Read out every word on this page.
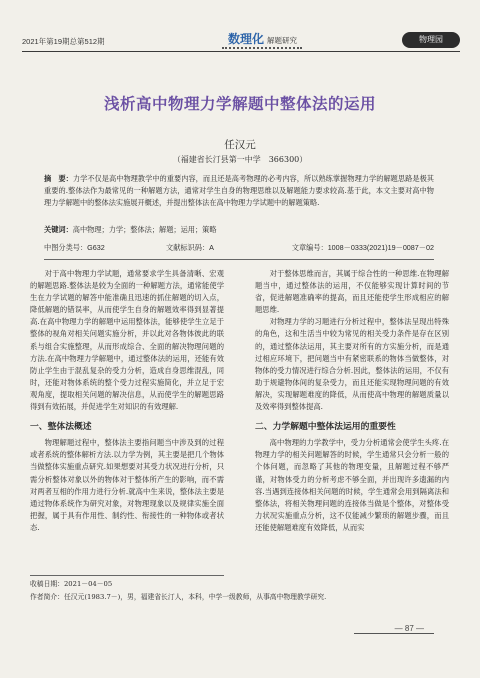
2021年第19期总第512期	数理化 解题研究	物理园
浅析高中物理力学解题中整体法的运用
任汉元
（福建省长汀县第一中学　366300）
摘　要：力学不仅是高中物理教学中的重要内容，而且还是高考物理的必考内容，所以熟练掌握物理力学的解题思路是极其重要的.整体法作为最常见的一种解题方法，通常对学生自身的物理思维以及解题能力要求较高.基于此，本文主要对高中物理力学解题中的整体法实施展开概述，并提出整体法在高中物理力学试题中的解题策略.
关键词：高中物理；力学；整体法；解题；运用；策略
中图分类号：G632	文献标识码：A	文章编号：1008－0333(2021)19－0087－02

对于高中物理力学试题，通常要求学生具备清晰、宏观的解题思路.整体法是较为全面的一种解题方法，通常能使学生在力学试题的解答中能准确且迅速的抓住解题的切入点，降低解题的错误率，从而使学生自身的解题效率得到显著提高.在高中物理力学的解题中运用整体法，能够使学生立足于整体的视角对相关问题实施分析，并以此对各物体彼此的联系与组合实施整理，从而形成综合、全面的解决物理问题的方法.在高中物理力学解题中，通过整体法的运用，还能有效防止学生由于混乱复杂的受力分析，造成自身思维混乱，同时，还能对物体系统的整个受力过程实施简化，并立足于宏观角度，提取相关问题的解决信息，从而使学生的解题思路得到有效拓展，并促进学生对知识的有效理解.

一、整体法概述

物理解题过程中，整体法主要指问题当中涉及到的过程或者系统的整体解析方法.以力学为例，其主要是把几个物体当做整体实施重点研究.如果想要对其受力状况进行分析，只需分析整体对象以外的物体对于整体所产生的影响，而不需对两者互相的作用力进行分析.就高中生来说，整体法主要是通过物体系统作为研究对象，对物理现象以及规律实施全面把握，属于具有作用性、制约性、衔接性的一种物体或者状态.

对于整体思维而言，其属于综合性的一种思维.在物理解题当中，通过整体法的运用，不仅能够实现计算时间的节省，促进解题准确率的提高，而且还能使学生形成相应的解题思维.

对物理力学的习题进行分析过程中，整体法呈现出特殊的角色，这和生活当中较为常见的相关受力条件是存在区别的，通过整体法运用，其主要对所有的方实施分析，而是通过相应环境下，把问题当中有紧密联系的物体当做整体，对物体的受力情况进行综合分析.因此，整体法的运用，不仅有助于规避物体间的复杂受力，而且还能实现物理问题的有效解决，实现解题难度的降低，从而使高中物理的解题质量以及效率得到整体提高.

二、力学解题中整体法运用的重要性

高中物理的力学教学中，受力分析通常会使学生头疼.在物理力学的相关问题解答的时候，学生通常只会分析一般的个体问题，而忽略了其他的物理变量，且解题过程不够严谨，对物体受力的分析考虑不够全面，并出现许多遗漏的内容.当遇到连接体相关问题的时候，学生通常会用到隔离法和整体法，将相关物理问题的连接体当做是个整体，对整体受力状况实施重点分析，这不仅能减少繁琐的解题步骤，而且还能使解题难度有效降低，从而实

收稿日期：2021－04－05
作者简介：任汉元(1983.7－)，男，福建省长汀人，本科，中学一级教师，从事高中物理教学研究.
— 87 —
